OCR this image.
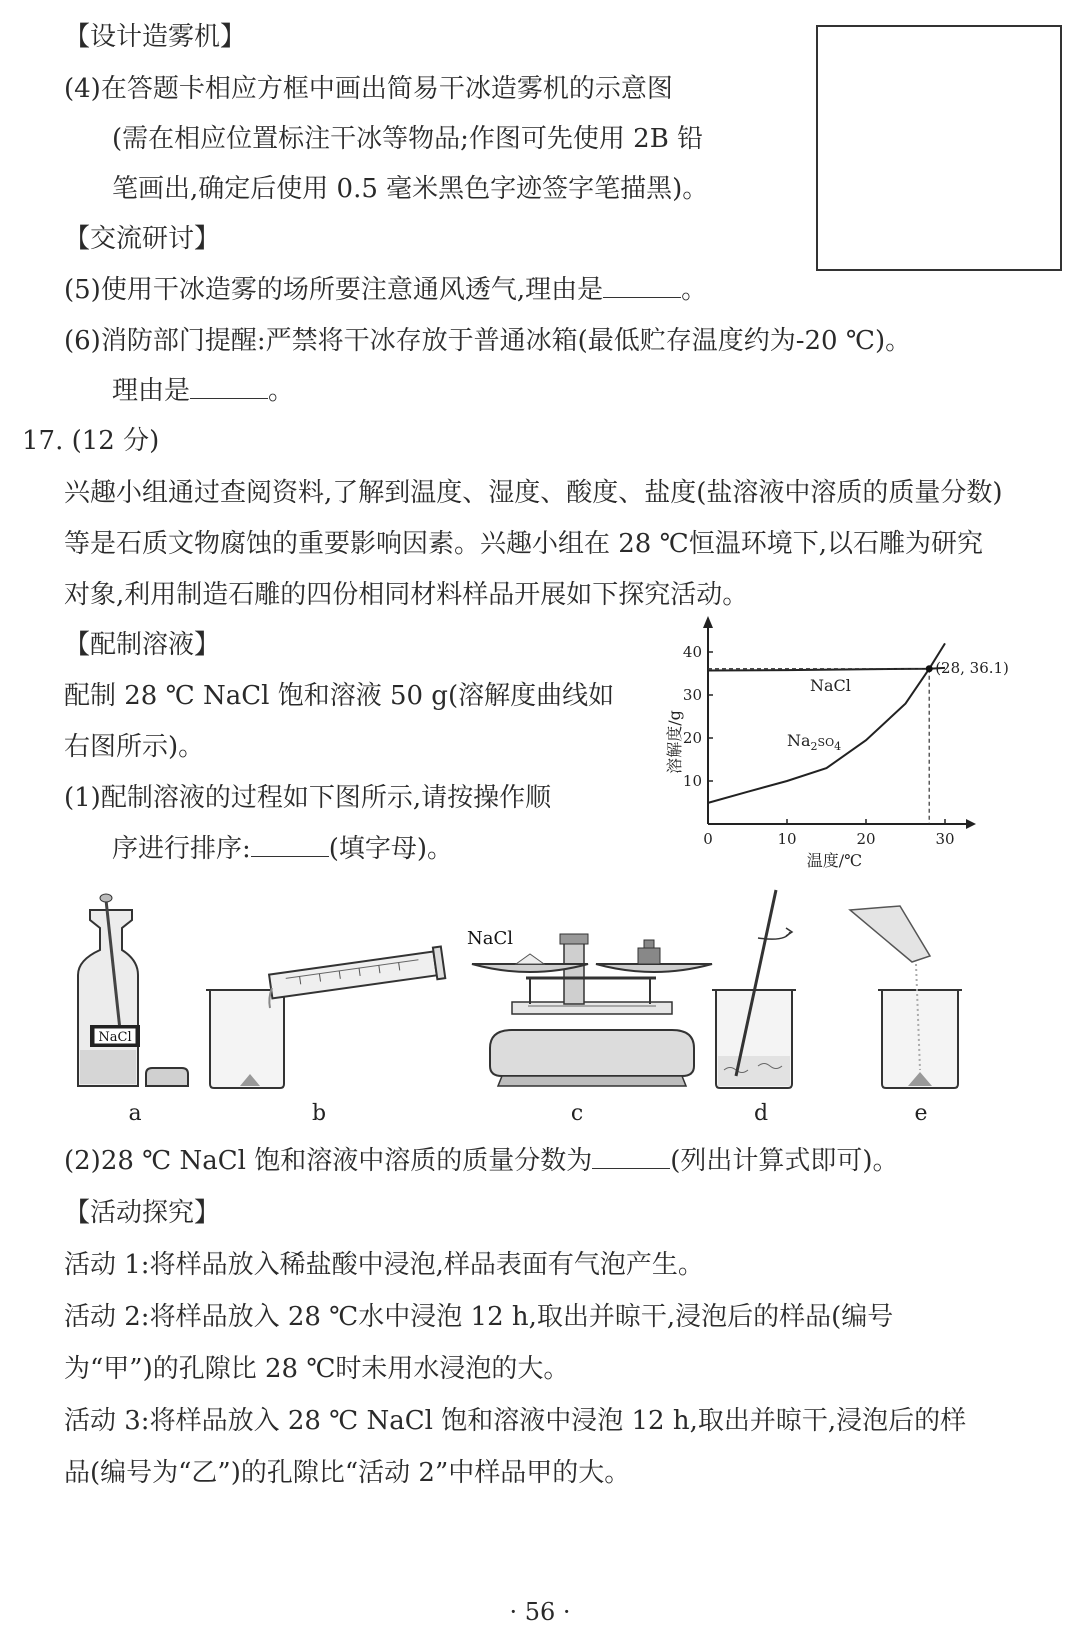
【设计造雾机】
(4)在答题卡相应方框中画出简易干冰造雾机的示意图
(需在相应位置标注干冰等物品;作图可先使用 2B 铅
笔画出,确定后使用 0.5 毫米黑色字迹签字笔描黑)。
【交流研讨】
(5)使用干冰造雾的场所要注意通风透气,理由是	。
(6)消防部门提醒:严禁将干冰存放于普通冰箱(最低贮存温度约为-20 ℃)。
理由是	。
17. (12 分)
兴趣小组通过查阅资料,了解到温度、湿度、酸度、盐度(盐溶液中溶质的质量分数)
等是石质文物腐蚀的重要影响因素。兴趣小组在 28 ℃恒温环境下,以石雕为研究
对象,利用制造石雕的四份相同材料样品开展如下探究活动。
【配制溶液】
配制 28 ℃ NaCl 饱和溶液 50 g(溶解度曲线如
右图所示)。
(1)配制溶液的过程如下图所示,请按操作顺
序进行排序:	(填字母)。	0	10	20	30
10
20
30
40
温度/℃
溶解度/g
NaCl
$Na_2^{SO}_4$
(28, 36.1)
NaCl
NaCl
a	b	c	d	e
(2)28 ℃ NaCl 饱和溶液中溶质的质量分数为	(列出计算式即可)。
【活动探究】
活动 1:将样品放入稀盐酸中浸泡,样品表面有气泡产生。
活动 2:将样品放入 28 ℃水中浸泡 12 h,取出并晾干,浸泡后的样品(编号
为“甲”)的孔隙比 28 ℃时未用水浸泡的大。
活动 3:将样品放入 28 ℃ NaCl 饱和溶液中浸泡 12 h,取出并晾干,浸泡后的样
品(编号为“乙”)的孔隙比“活动 2”中样品甲的大。
· 56 ·
